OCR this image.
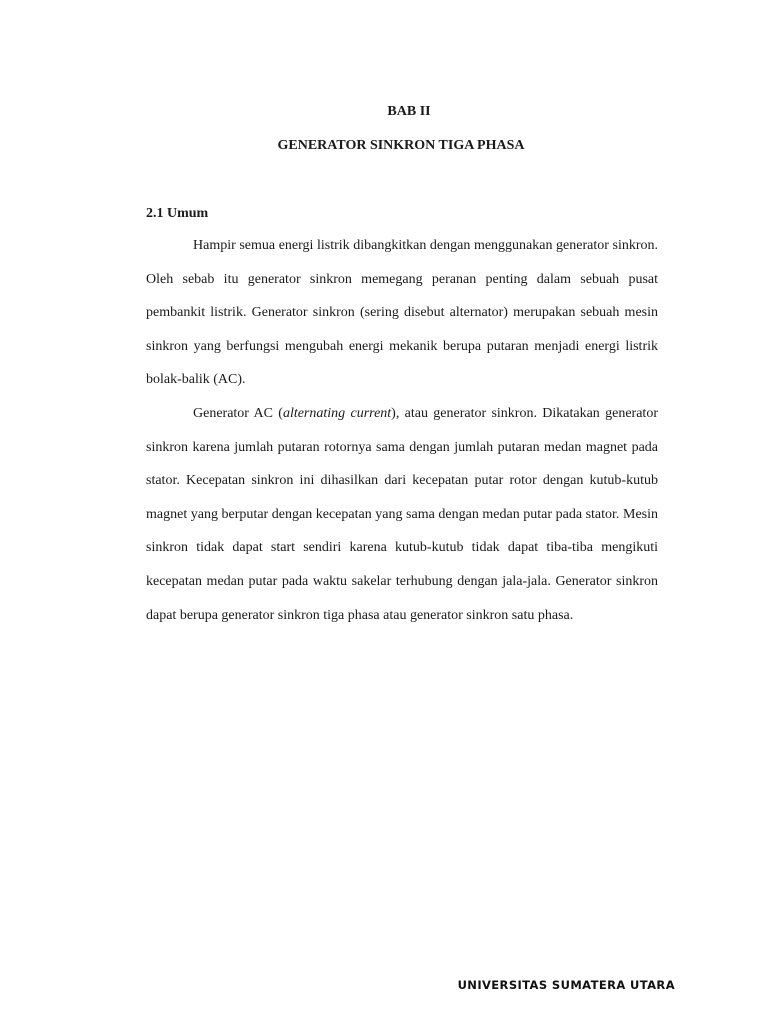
BAB II
GENERATOR SINKRON TIGA PHASA
2.1 Umum

Hampir semua energi listrik dibangkitkan dengan menggunakan generator sinkron. Oleh sebab itu generator sinkron memegang peranan penting dalam sebuah pusat pembankit listrik. Generator sinkron (sering disebut alternator) merupakan sebuah mesin sinkron yang berfungsi mengubah energi mekanik berupa putaran menjadi energi listrik bolak-balik (AC).

Generator AC (alternating current), atau generator sinkron. Dikatakan generator sinkron karena jumlah putaran rotornya sama dengan jumlah putaran medan magnet pada stator. Kecepatan sinkron ini dihasilkan dari kecepatan putar rotor dengan kutub-kutub magnet yang berputar dengan kecepatan yang sama dengan medan putar pada stator. Mesin sinkron tidak dapat start sendiri karena kutub-kutub tidak dapat tiba-tiba mengikuti kecepatan medan putar pada waktu sakelar terhubung dengan jala-jala. Generator sinkron dapat berupa generator sinkron tiga phasa atau generator sinkron satu phasa.

UNIVERSITAS SUMATERA UTARA
